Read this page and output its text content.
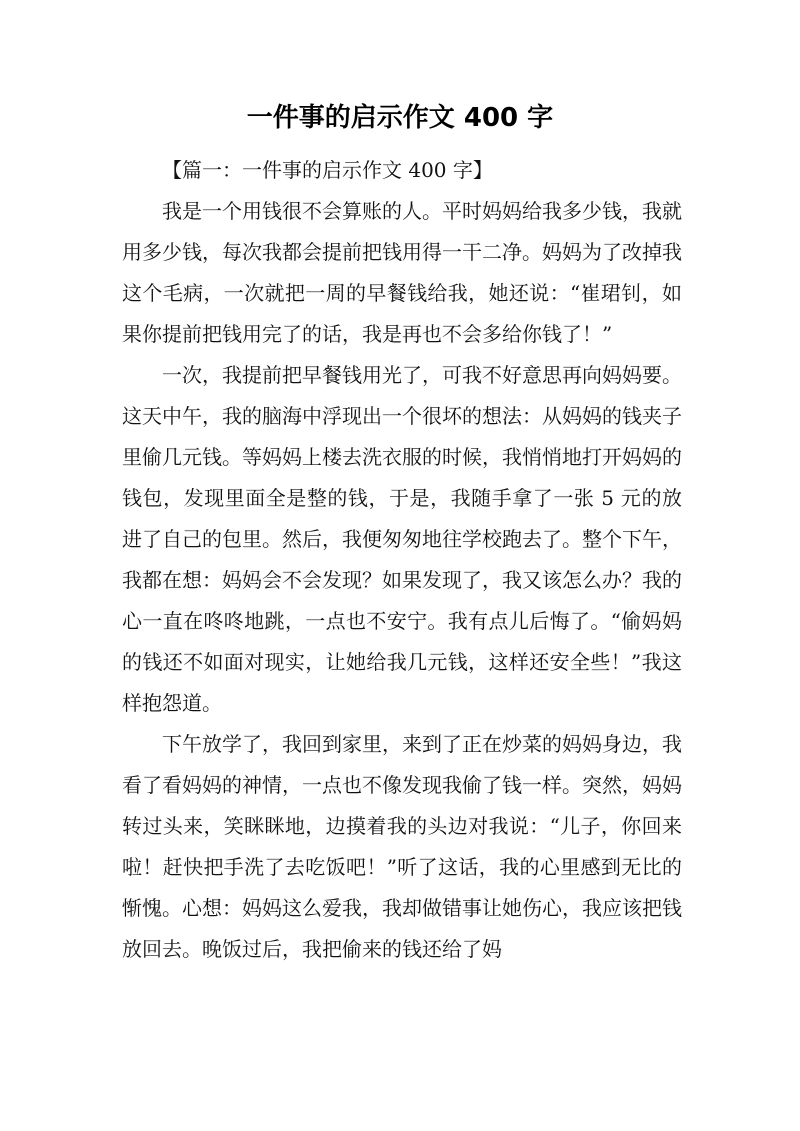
一件事的启示作文 400 字

【篇一：一件事的启示作文 400 字】

我是一个用钱很不会算账的人。平时妈妈给我多少钱，我就用多少钱，每次我都会提前把钱用得一干二净。妈妈为了改掉我这个毛病，一次就把一周的早餐钱给我，她还说：“崔珺钊，如果你提前把钱用完了的话，我是再也不会多给你钱了！”

一次，我提前把早餐钱用光了，可我不好意思再向妈妈要。这天中午，我的脑海中浮现出一个很坏的想法：从妈妈的钱夹子里偷几元钱。等妈妈上楼去洗衣服的时候，我悄悄地打开妈妈的钱包，发现里面全是整的钱，于是，我随手拿了一张 5 元的放进了自己的包里。然后，我便匆匆地往学校跑去了。整个下午，我都在想：妈妈会不会发现？如果发现了，我又该怎么办？我的心一直在咚咚地跳，一点也不安宁。我有点儿后悔了。“偷妈妈的钱还不如面对现实，让她给我几元钱，这样还安全些！”我这样抱怨道。

下午放学了，我回到家里，来到了正在炒菜的妈妈身边，我看了看妈妈的神情，一点也不像发现我偷了钱一样。突然，妈妈转过头来，笑眯眯地，边摸着我的头边对我说：“儿子，你回来啦！赶快把手洗了去吃饭吧！”听了这话，我的心里感到无比的惭愧。心想：妈妈这么爱我，我却做错事让她伤心，我应该把钱放回去。晚饭过后，我把偷来的钱还给了妈
